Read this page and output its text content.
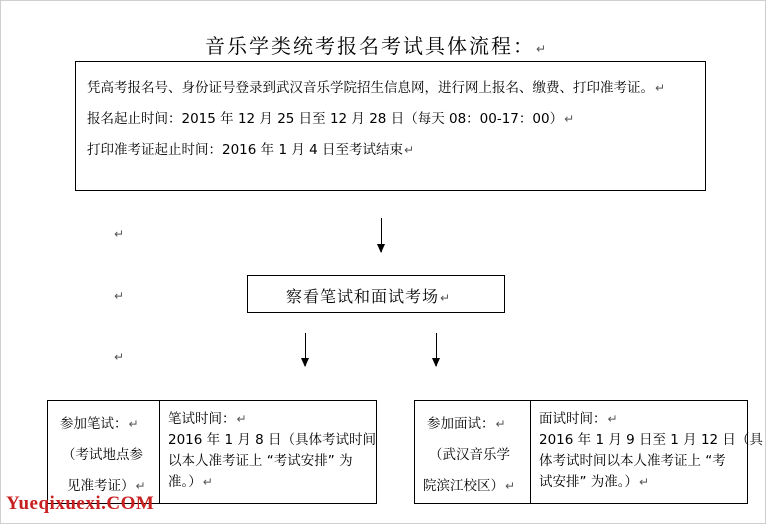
音乐学类统考报名考试具体流程：↵
凭高考报名号、身份证号登录到武汉音乐学院招生信息网，进行网上报名、缴费、打印准考证。↵
报名起止时间：2015 年 12 月 25 日至 12 月 28 日（每天 08：00-17：00）↵
打印准考证起止时间：2016 年 1 月 4 日至考试结束↵
↵
↵
↵
察看笔试和面试考场↵
参加笔试：↵
（考试地点参
见准考证）↵
笔试时间：↵
2016 年 1 月 8 日（具体考试时间
以本人准考证上 “考试安排” 为
准。）↵
参加面试：↵
（武汉音乐学
院滨江校区）↵
面试时间：↵
2016 年 1 月 9 日至 1 月 12 日（具
体考试时间以本人准考证上 “考
试安排” 为准。）↵
Yueqixuexi.COM
